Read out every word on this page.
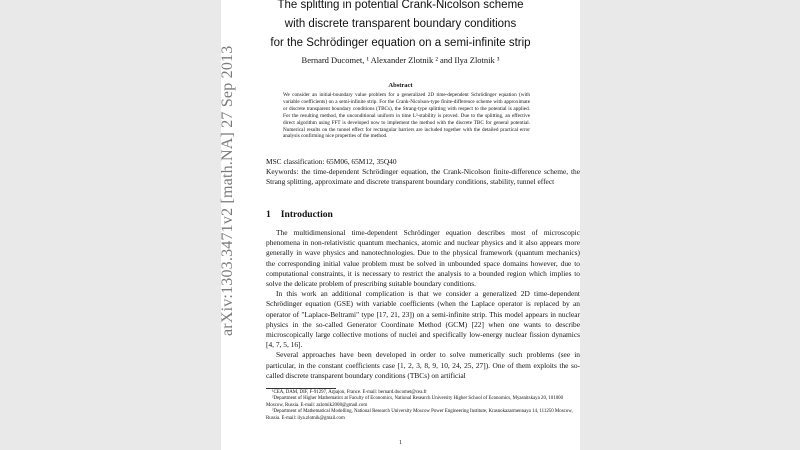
arXiv:1303.3471v2 [math.NA] 27 Sep 2013
The splitting in potential Crank-Nicolson scheme
with discrete transparent boundary conditions
for the Schrödinger equation on a semi-infinite strip
Bernard Ducomet, ¹ Alexander Zlotnik ² and Ilya Zlotnik ³
Abstract
We consider an initial-boundary value problem for a generalized 2D time-dependent Schrödinger equation (with variable coefficients) on a semi-infinite strip. For the Crank-Nicolson-type finite-difference scheme with approximate or discrete transparent boundary conditions (TBCs), the Strang-type splitting with respect to the potential is applied. For the resulting method, the unconditional uniform in time L²-stability is proved. Due to the splitting, an effective direct algorithm using FFT is developed now to implement the method with the discrete TBC for general potential. Numerical results on the tunnel effect for rectangular barriers are included together with the detailed practical error analysis confirming nice properties of the method.
MSC classification: 65M06, 65M12, 35Q40
Keywords: the time-dependent Schrödinger equation, the Crank-Nicolson finite-difference scheme, the Strang splitting, approximate and discrete transparent boundary conditions, stability, tunnel effect
1 Introduction

The multidimensional time-dependent Schrödinger equation describes most of microscopic phenomena in non-relativistic quantum mechanics, atomic and nuclear physics and it also appears more generally in wave physics and nanotechnologies. Due to the physical framework (quantum mechanics) the corresponding initial value problem must be solved in unbounded space domains however, due to computational constraints, it is necessary to restrict the analysis to a bounded region which implies to solve the delicate problem of prescribing suitable boundary conditions.

In this work an additional complication is that we consider a generalized 2D time-dependent Schrödinger equation (GSE) with variable coefficients (when the Laplace operator is replaced by an operator of "Laplace-Beltrami" type [17, 21, 23]) on a semi-infinite strip. This model appears in nuclear physics in the so-called Generator Coordinate Method (GCM) [22] when one wants to describe microscopically large collective motions of nuclei and specifically low-energy nuclear fission dynamics [4, 7, 5, 16].

Several approaches have been developed in order to solve numerically such problems (see in particular, in the constant coefficients case [1, 2, 3, 8, 9, 10, 24, 25, 27]). One of them exploits the so-called discrete transparent boundary conditions (TBCs) on artificial

¹CEA, DAM, DIF, F-91297, Arpajon, France. E-mail: bernard.ducomet@cea.fr

²Department of Higher Mathematics at Faculty of Economics, National Research University Higher School of Economics, Myasnitskaya 20, 101000 Moscow, Russia. E-mail: azlotnik2008@gmail.com

³Department of Mathematical Modelling, National Research University Moscow Power Engineering Institute, Krasnokazarmennaya 14, 111250 Moscow, Russia. E-mail: ilya.zlotnik@gmail.com

1
